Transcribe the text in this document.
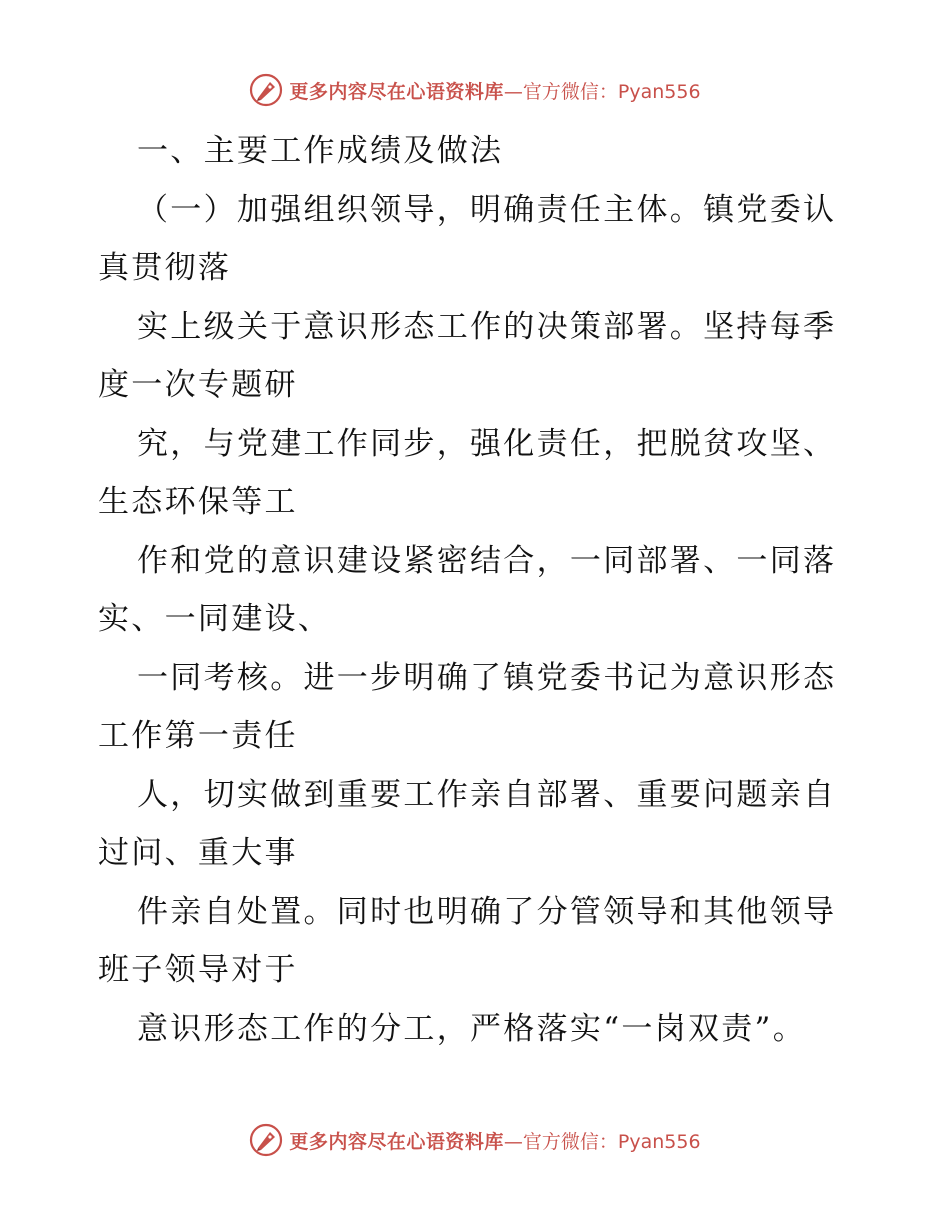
更多内容尽在心语资料库 —官方微信：Pyan556
一、主要工作成绩及做法
（一）加强组织领导，明确责任主体。镇党委认
真贯彻落
实上级关于意识形态工作的决策部署。坚持每季
度一次专题研
究，与党建工作同步，强化责任，把脱贫攻坚、
生态环保等工
作和党的意识建设紧密结合，一同部署、一同落
实、一同建设、
一同考核。进一步明确了镇党委书记为意识形态
工作第一责任
人，切实做到重要工作亲自部署、重要问题亲自
过问、重大事
件亲自处置。同时也明确了分管领导和其他领导
班子领导对于
意识形态工作的分工，严格落实“一岗双责”。
更多内容尽在心语资料库 —官方微信：Pyan556
